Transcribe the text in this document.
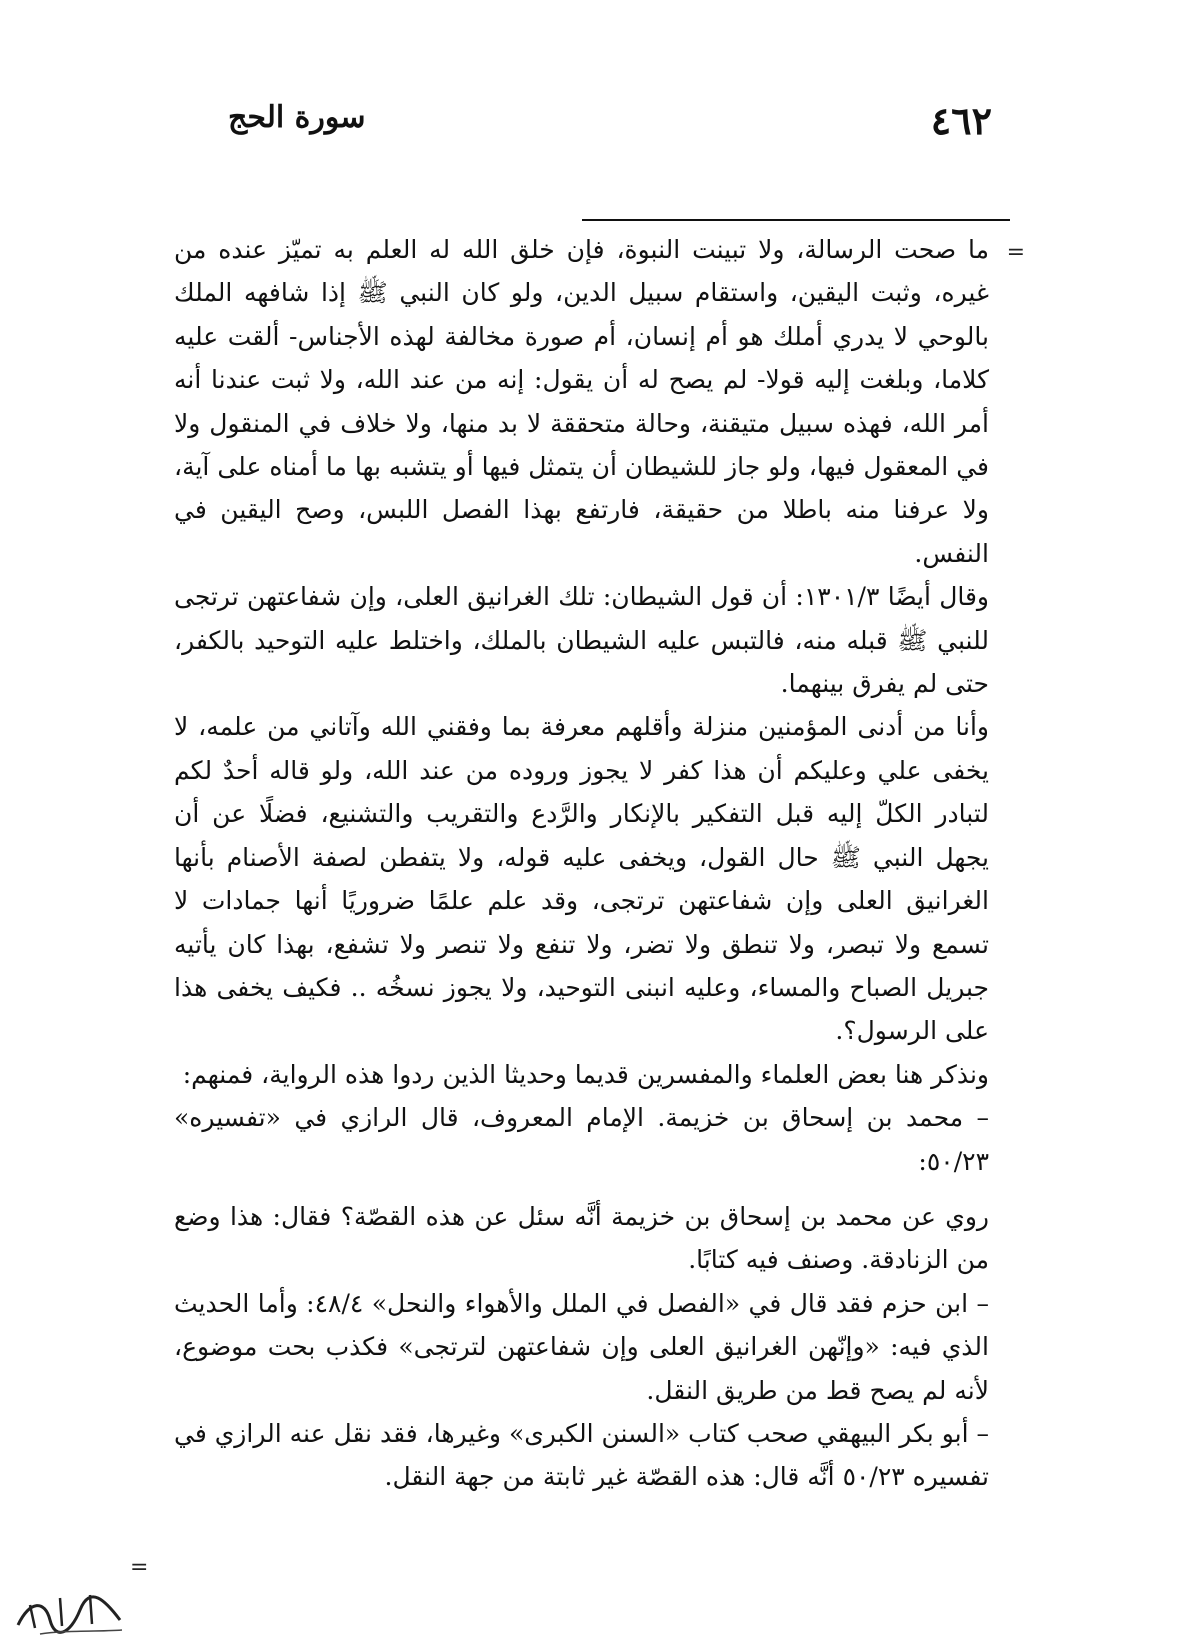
٤٦٢
سورة الحج
=

ما صحت الرسالة، ولا تبينت النبوة، فإن خلق الله له العلم به تميّز عنده من غيره، وثبت اليقين، واستقام سبيل الدين، ولو كان النبي ﷺ إذا شافهه الملك بالوحي لا يدري أملك هو أم إنسان، أم صورة مخالفة لهذه الأجناس- ألقت عليه كلاما، وبلغت إليه قولا- لم يصح له أن يقول: إنه من عند الله، ولا ثبت عندنا أنه أمر الله، فهذه سبيل متيقنة، وحالة متحققة لا بد منها، ولا خلاف في المنقول ولا في المعقول فيها، ولو جاز للشيطان أن يتمثل فيها أو يتشبه بها ما أمناه على آية، ولا عرفنا منه باطلا من حقيقة، فارتفع بهذا الفصل اللبس، وصح اليقين في النفس.

وقال أيضًا ١٣٠١/٣: أن قول الشيطان: تلك الغرانيق العلى، وإن شفاعتهن ترتجى للنبي ﷺ قبله منه، فالتبس عليه الشيطان بالملك، واختلط عليه التوحيد بالكفر، حتى لم يفرق بينهما.

وأنا من أدنى المؤمنين منزلة وأقلهم معرفة بما وفقني الله وآتاني من علمه، لا يخفى علي وعليكم أن هذا كفر لا يجوز وروده من عند الله، ولو قاله أحدٌ لكم لتبادر الكلّ إليه قبل التفكير بالإنكار والرَّدع والتقريب والتشنيع، فضلًا عن أن يجهل النبي ﷺ حال القول، ويخفى عليه قوله، ولا يتفطن لصفة الأصنام بأنها الغرانيق العلى وإن شفاعتهن ترتجى، وقد علم علمًا ضروريًا أنها جمادات لا تسمع ولا تبصر، ولا تنطق ولا تضر، ولا تنفع ولا تنصر ولا تشفع، بهذا كان يأتيه جبريل الصباح والمساء، وعليه انبنى التوحيد، ولا يجوز نسخُه .. فكيف يخفى هذا على الرسول؟.

ونذكر هنا بعض العلماء والمفسرين قديما وحديثا الذين ردوا هذه الرواية، فمنهم:

– محمد بن إسحاق بن خزيمة. الإمام المعروف، قال الرازي في «تفسيره» ٥٠/٢٣:

روي عن محمد بن إسحاق بن خزيمة أنَّه سئل عن هذه القصّة؟ فقال: هذا وضع من الزنادقة. وصنف فيه كتابًا.

– ابن حزم فقد قال في «الفصل في الملل والأهواء والنحل» ٤٨/٤: وأما الحديث الذي فيه: «وإنّهن الغرانيق العلى وإن شفاعتهن لترتجى» فكذب بحت موضوع، لأنه لم يصح قط من طريق النقل.

– أبو بكر البيهقي صحب كتاب «السنن الكبرى» وغيرها، فقد نقل عنه الرازي في تفسيره ٥٠/٢٣ أنَّه قال: هذه القصّة غير ثابتة من جهة النقل.

=
